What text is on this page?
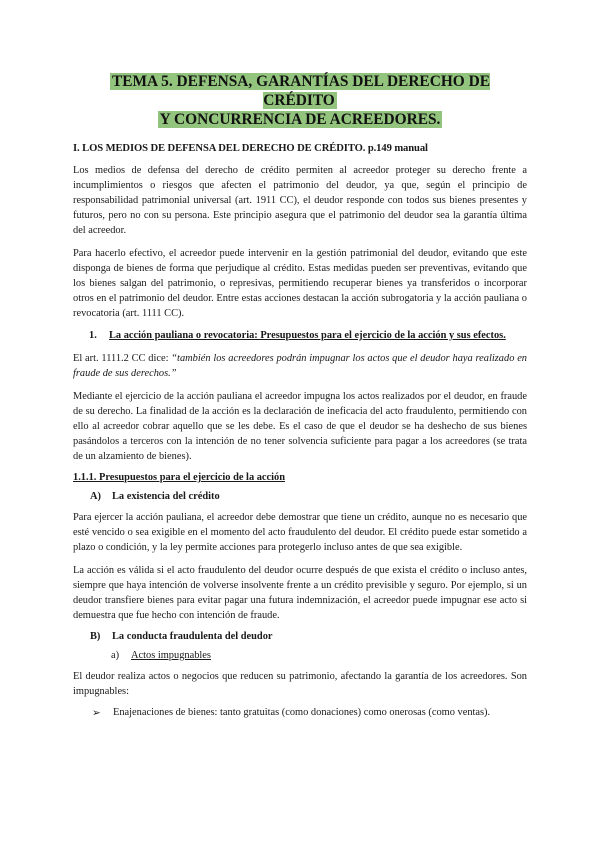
TEMA 5. DEFENSA, GARANTÍAS DEL DERECHO DE CRÉDITO
Y CONCURRENCIA DE ACREEDORES.
I. LOS MEDIOS DE DEFENSA DEL DERECHO DE CRÉDITO. p.149 manual

Los medios de defensa del derecho de crédito permiten al acreedor proteger su derecho frente a incumplimientos o riesgos que afecten el patrimonio del deudor, ya que, según el principio de responsabilidad patrimonial universal (art. 1911 CC), el deudor responde con todos sus bienes presentes y futuros, pero no con su persona. Este principio asegura que el patrimonio del deudor sea la garantía última del acreedor.

Para hacerlo efectivo, el acreedor puede intervenir en la gestión patrimonial del deudor, evitando que este disponga de bienes de forma que perjudique al crédito. Estas medidas pueden ser preventivas, evitando que los bienes salgan del patrimonio, o represivas, permitiendo recuperar bienes ya transferidos o incorporar otros en el patrimonio del deudor. Entre estas acciones destacan la acción subrogatoria y la acción pauliana o revocatoria (art. 1111 CC).

1.	La acción pauliana o revocatoria: Presupuestos para el ejercicio de la acción y sus efectos.

El art. 1111.2 CC dice: “también los acreedores podrán impugnar los actos que el deudor haya realizado en fraude de sus derechos.”

Mediante el ejercicio de la acción pauliana el acreedor impugna los actos realizados por el deudor, en fraude de su derecho. La finalidad de la acción es la declaración de ineficacia del acto fraudulento, permitiendo con ello al acreedor cobrar aquello que se les debe. Es el caso de que el deudor se ha deshecho de sus bienes pasándolos a terceros con la intención de no tener solvencia suficiente para pagar a los acreedores (se trata de un alzamiento de bienes).

1.1.1. Presupuestos para el ejercicio de la acción
A) La existencia del crédito

Para ejercer la acción pauliana, el acreedor debe demostrar que tiene un crédito, aunque no es necesario que esté vencido o sea exigible en el momento del acto fraudulento del deudor. El crédito puede estar sometido a plazo o condición, y la ley permite acciones para protegerlo incluso antes de que sea exigible.

La acción es válida si el acto fraudulento del deudor ocurre después de que exista el crédito o incluso antes, siempre que haya intención de volverse insolvente frente a un crédito previsible y seguro. Por ejemplo, si un deudor transfiere bienes para evitar pagar una futura indemnización, el acreedor puede impugnar ese acto si demuestra que fue hecho con intención de fraude.

B) La conducta fraudulenta del deudor
a) Actos impugnables

El deudor realiza actos o negocios que reducen su patrimonio, afectando la garantía de los acreedores. Son impugnables:

➢	Enajenaciones de bienes: tanto gratuitas (como donaciones) como onerosas (como ventas).
